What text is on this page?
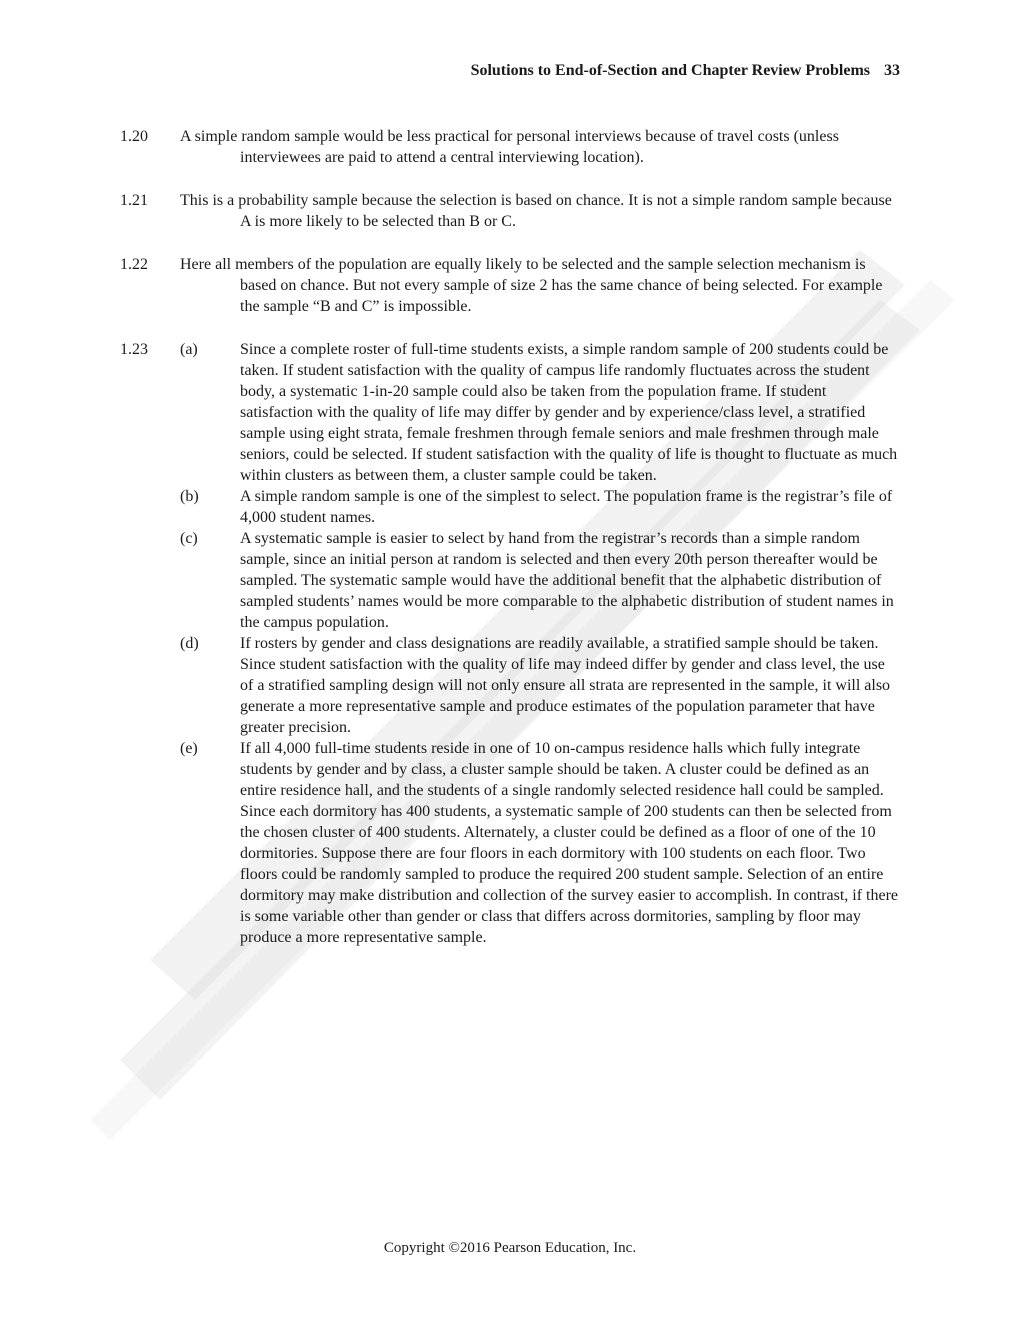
Solutions to End-of-Section and Chapter Review Problems 33
1.20 A simple random sample would be less practical for personal interviews because of travel costs (unless interviewees are paid to attend a central interviewing location).
1.21 This is a probability sample because the selection is based on chance. It is not a simple random sample because A is more likely to be selected than B or C.
1.22 Here all members of the population are equally likely to be selected and the sample selection mechanism is based on chance. But not every sample of size 2 has the same chance of being selected. For example the sample “B and C” is impossible.
1.23 (a)	Since a complete roster of full-time students exists, a simple random sample of 200 students could be taken. If student satisfaction with the quality of campus life randomly fluctuates across the student body, a systematic 1-in-20 sample could also be taken from the population frame. If student satisfaction with the quality of life may differ by gender and by experience/class level, a stratified sample using eight strata, female freshmen through female seniors and male freshmen through male seniors, could be selected. If student satisfaction with the quality of life is thought to fluctuate as much within clusters as between them, a cluster sample could be taken.
(b)	A simple random sample is one of the simplest to select. The population frame is the registrar’s file of 4,000 student names.
(c)	A systematic sample is easier to select by hand from the registrar’s records than a simple random sample, since an initial person at random is selected and then every 20th person thereafter would be sampled. The systematic sample would have the additional benefit that the alphabetic distribution of sampled students’ names would be more comparable to the alphabetic distribution of student names in the campus population.
(d)	If rosters by gender and class designations are readily available, a stratified sample should be taken. Since student satisfaction with the quality of life may indeed differ by gender and class level, the use of a stratified sampling design will not only ensure all strata are represented in the sample, it will also generate a more representative sample and produce estimates of the population parameter that have greater precision.
(e)	If all 4,000 full-time students reside in one of 10 on-campus residence halls which fully integrate students by gender and by class, a cluster sample should be taken. A cluster could be defined as an entire residence hall, and the students of a single randomly selected residence hall could be sampled. Since each dormitory has 400 students, a systematic sample of 200 students can then be selected from the chosen cluster of 400 students. Alternately, a cluster could be defined as a floor of one of the 10 dormitories. Suppose there are four floors in each dormitory with 100 students on each floor. Two floors could be randomly sampled to produce the required 200 student sample. Selection of an entire dormitory may make distribution and collection of the survey easier to accomplish. In contrast, if there is some variable other than gender or class that differs across dormitories, sampling by floor may produce a more representative sample.
Copyright ©2016 Pearson Education, Inc.
